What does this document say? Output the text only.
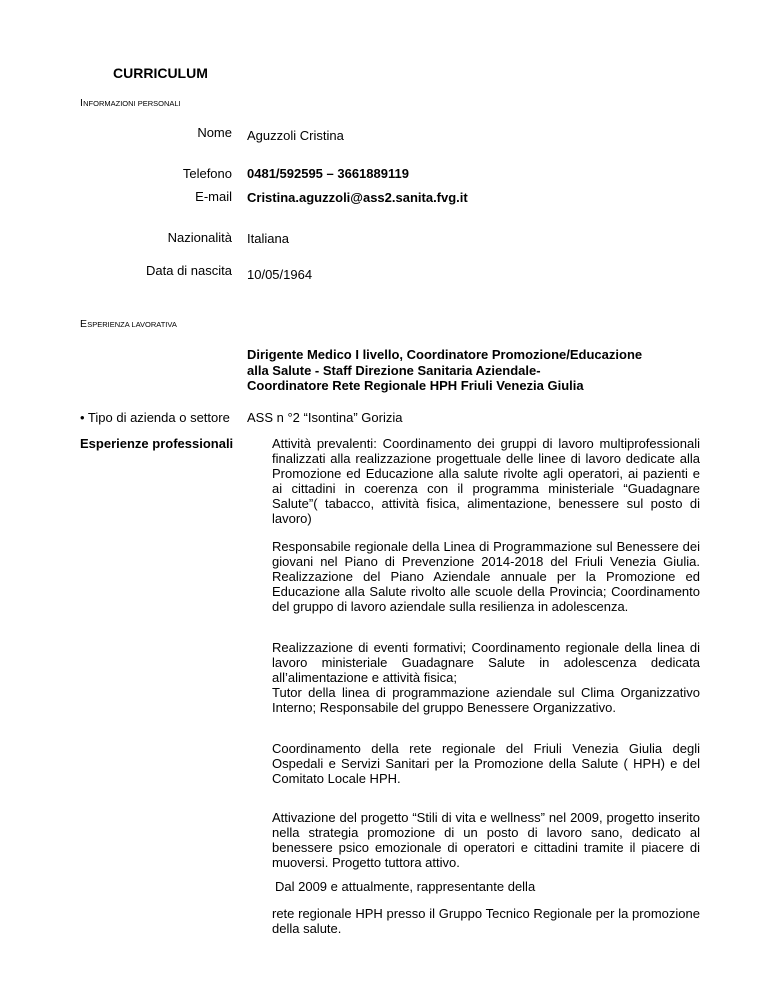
CURRICULUM
INFORMAZIONI PERSONALI
Nome Aguzzoli Cristina
Telefono 0481/592595 – 3661889119
E-mail Cristina.aguzzoli@ass2.sanita.fvg.it
Nazionalità Italiana
Data di nascita 10/05/1964
ESPERIENZA LAVORATIVA
Dirigente Medico I livello, Coordinatore Promozione/Educazione
alla Salute - Staff Direzione Sanitaria Aziendale-
Coordinatore Rete Regionale HPH Friuli Venezia Giulia
• Tipo di azienda o settore ASS n °2 “Isontina” Gorizia
Esperienze professionali	Attività prevalenti: Coordinamento dei gruppi di lavoro multiprofessionali finalizzati alla realizzazione progettuale delle linee di lavoro dedicate alla Promozione ed Educazione alla salute rivolte agli operatori, ai pazienti e ai cittadini in coerenza con il programma ministeriale “Guadagnare Salute”( tabacco, attività fisica, alimentazione, benessere sul posto di lavoro)

Responsabile regionale della Linea di Programmazione sul Benessere dei giovani nel Piano di Prevenzione 2014-2018 del Friuli Venezia Giulia. Realizzazione del Piano Aziendale annuale per la Promozione ed Educazione alla Salute rivolto alle scuole della Provincia; Coordinamento del gruppo di lavoro aziendale sulla resilienza in adolescenza.

Realizzazione di eventi formativi; Coordinamento regionale della linea di lavoro ministeriale Guadagnare Salute in adolescenza dedicata all’alimentazione e attività fisica;

Tutor della linea di programmazione aziendale sul Clima Organizzativo Interno; Responsabile del gruppo Benessere Organizzativo.

Coordinamento della rete regionale del Friuli Venezia Giulia degli Ospedali e Servizi Sanitari per la Promozione della Salute ( HPH) e del Comitato Locale HPH.

Attivazione del progetto “Stili di vita e wellness” nel 2009, progetto inserito nella strategia promozione di un posto di lavoro sano, dedicato al benessere psico emozionale di operatori e cittadini tramite il piacere di muoversi. Progetto tuttora attivo.

Dal 2009 e attualmente, rappresentante della

rete regionale HPH presso il Gruppo Tecnico Regionale per la promozione della salute.
